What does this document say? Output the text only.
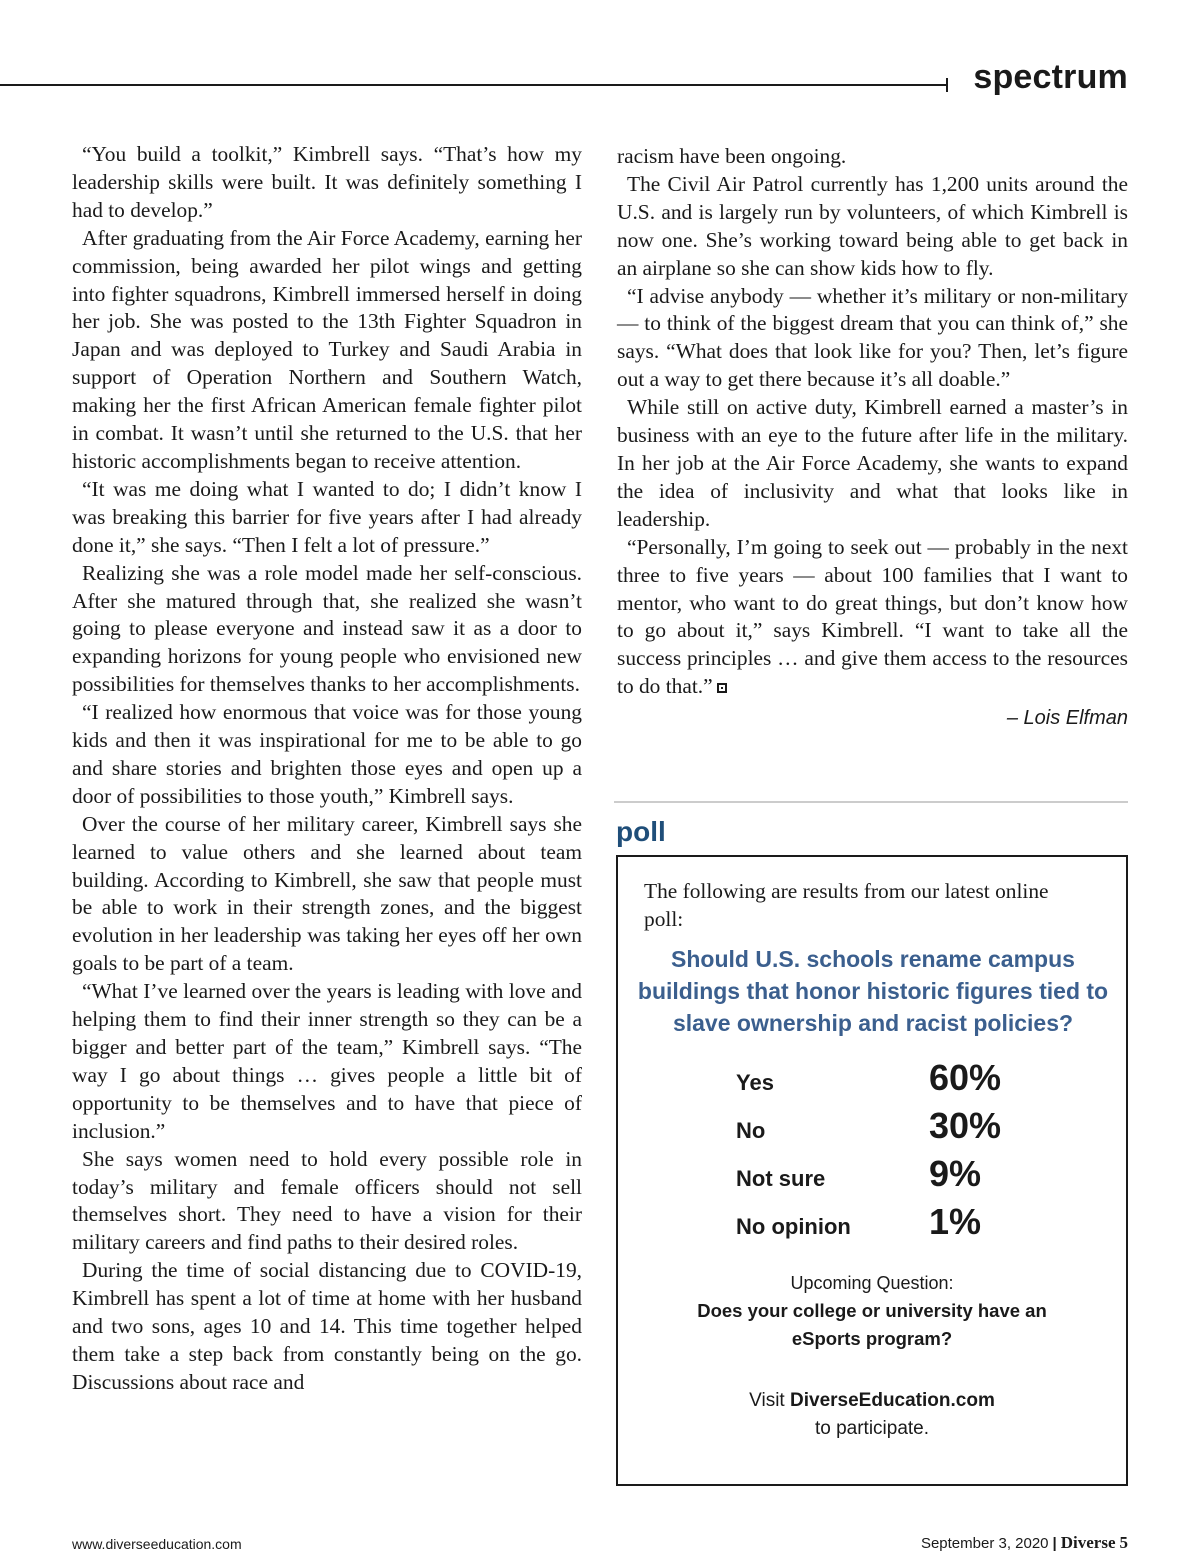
spectrum

“You build a toolkit,” Kimbrell says. “That’s how my leadership skills were built. It was definitely something I had to develop.”

After graduating from the Air Force Academy, earning her commission, being awarded her pilot wings and getting into fighter squadrons, Kimbrell immersed herself in doing her job. She was posted to the 13th Fighter Squadron in Japan and was deployed to Turkey and Saudi Arabia in support of Operation Northern and Southern Watch, making her the first African American female fighter pilot in combat. It wasn’t until she returned to the U.S. that her historic accomplishments began to receive attention.

“It was me doing what I wanted to do; I didn’t know I was breaking this barrier for five years after I had already done it,” she says. “Then I felt a lot of pressure.”

Realizing she was a role model made her self-conscious. After she matured through that, she realized she wasn’t going to please everyone and instead saw it as a door to expanding horizons for young people who envisioned new possibilities for themselves thanks to her accomplishments.

“I realized how enormous that voice was for those young kids and then it was inspirational for me to be able to go and share stories and brighten those eyes and open up a door of possibilities to those youth,” Kimbrell says.

Over the course of her military career, Kimbrell says she learned to value others and she learned about team building. According to Kimbrell, she saw that people must be able to work in their strength zones, and the biggest evolution in her leadership was taking her eyes off her own goals to be part of a team.

“What I’ve learned over the years is leading with love and helping them to find their inner strength so they can be a bigger and better part of the team,” Kimbrell says. “The way I go about things … gives people a little bit of opportunity to be themselves and to have that piece of inclusion.”

She says women need to hold every possible role in today’s military and female officers should not sell themselves short. They need to have a vision for their military careers and find paths to their desired roles.

During the time of social distancing due to COVID-19, Kimbrell has spent a lot of time at home with her husband and two sons, ages 10 and 14. This time together helped them take a step back from constantly being on the go. Discussions about race and

racism have been ongoing.

The Civil Air Patrol currently has 1,200 units around the U.S. and is largely run by volunteers, of which Kimbrell is now one. She’s working toward being able to get back in an airplane so she can show kids how to fly.

“I advise anybody — whether it’s military or non-military — to think of the biggest dream that you can think of,” she says. “What does that look like for you? Then, let’s figure out a way to get there because it’s all doable.”

While still on active duty, Kimbrell earned a master’s in business with an eye to the future after life in the military. In her job at the Air Force Academy, she wants to expand the idea of inclusivity and what that looks like in leadership.

“Personally, I’m going to seek out — probably in the next three to five years — about 100 families that I want to mentor, who want to do great things, but don’t know how to go about it,” says Kimbrell. “I want to take all the success principles … and give them access to the resources to do that.”

– Lois Elfman
poll
The following are results from our latest online poll:
Should U.S. schools rename campus buildings that honor historic figures tied to slave ownership and racist policies?
Yes	60%
No	30%
Not sure	9%
No opinion 1%
Upcoming Question:
Does your college or university have an eSports program?
Visit DiverseEducation.com
to participate.
www.diverseeducation.com	September 3, 2020 | Diverse 5
